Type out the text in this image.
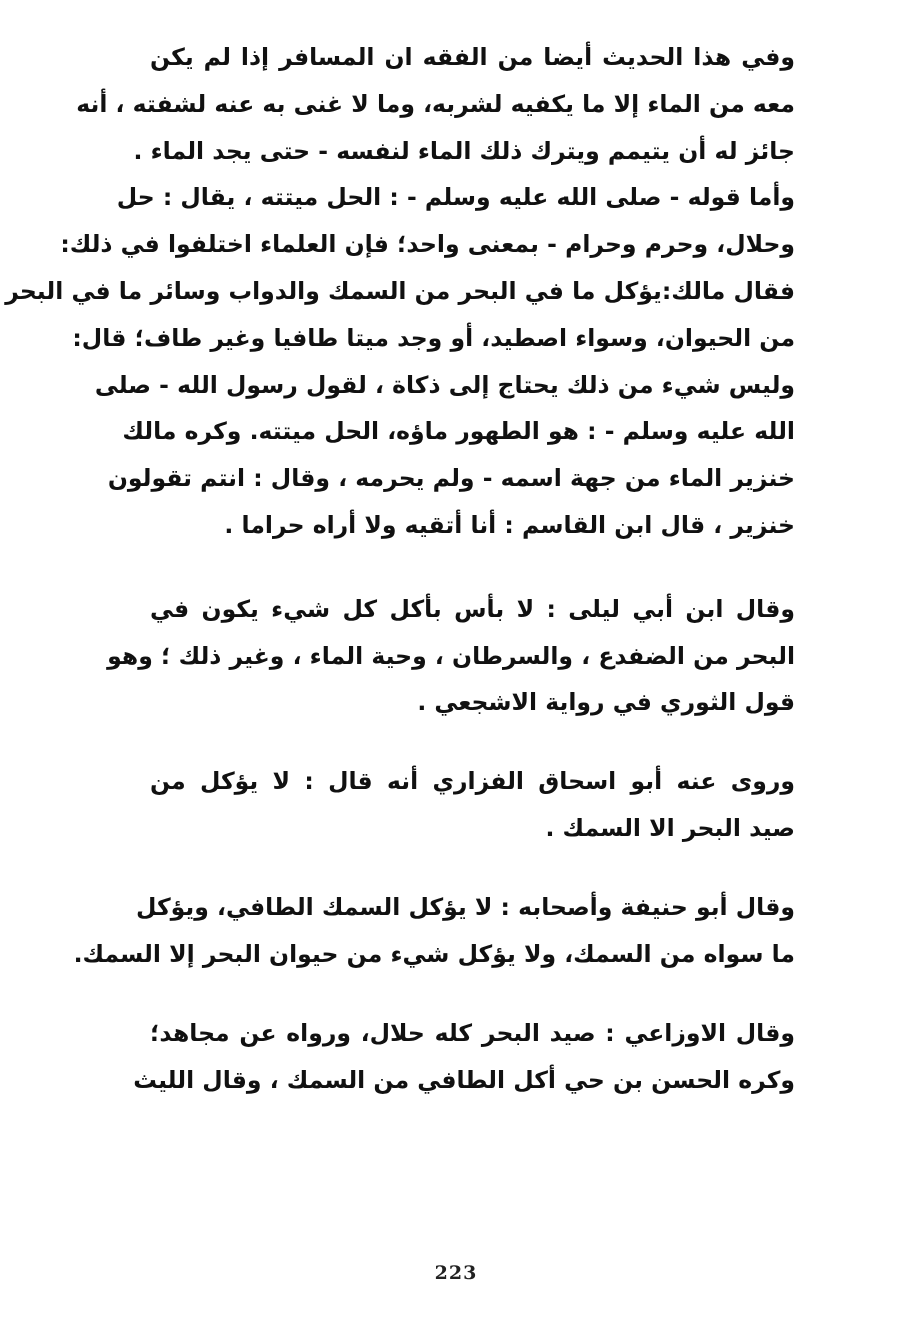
وفي هذا الحديث أيضا من الفقه ان المسافر إذا لم يكن
معه من الماء إلا ما يكفيه لشربه، وما لا غنى به عنه لشفته ، أنه
جائز له أن يتيمم ويترك ذلك الماء لنفسه - حتى يجد الماء .
وأما قوله - صلى الله عليه وسلم - : الحل ميتته ، يقال : حل
وحلال، وحرم وحرام - بمعنى واحد؛ فإن العلماء اختلفوا في ذلك:
فقال مالك:يؤكل ما في البحر من السمك والدواب وسائر ما في البحر
من الحيوان، وسواء اصطيد، أو وجد ميتا طافيا وغير طاف؛ قال:
وليس شيء من ذلك يحتاج إلى ذكاة ، لقول رسول الله - صلى
الله عليه وسلم - : هو الطهور ماؤه، الحل ميتته. وكره مالك
خنزير الماء من جهة اسمه - ولم يحرمه ، وقال : انتم تقولون
خنزير ، قال ابن القاسم : أنا أتقيه ولا أراه حراما .
وقال ابن أبي ليلى : لا بأس بأكل كل شيء يكون في
البحر من الضفدع ، والسرطان ، وحية الماء ، وغير ذلك ؛ وهو
قول الثوري في رواية الاشجعي .
وروى عنه أبو اسحاق الفزاري أنه قال : لا يؤكل من
صيد البحر الا السمك .
وقال أبو حنيفة وأصحابه : لا يؤكل السمك الطافي، ويؤكل
ما سواه من السمك، ولا يؤكل شيء من حيوان البحر إلا السمك.
وقال الاوزاعي : صيد البحر كله حلال، ورواه عن مجاهد؛
وكره الحسن بن حي أكل الطافي من السمك ، وقال الليث
223
